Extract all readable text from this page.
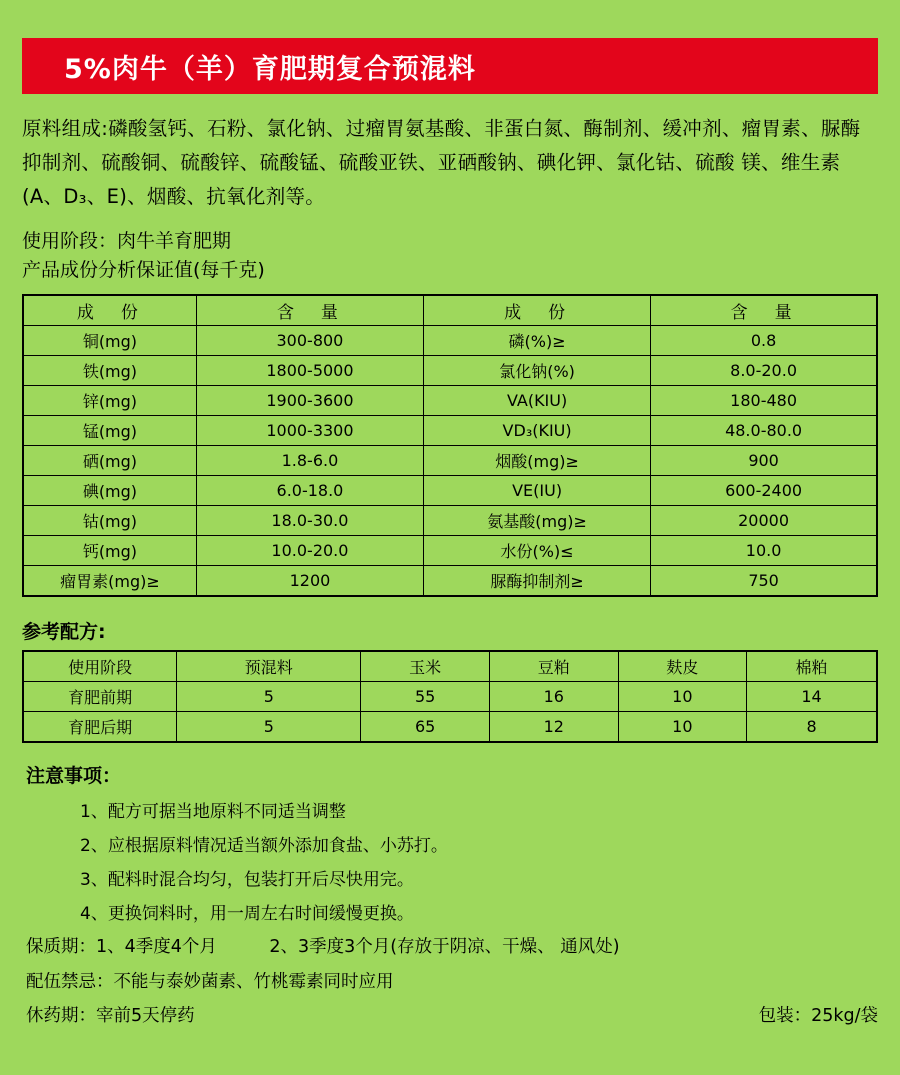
5%肉牛（羊）育肥期复合预混料
原料组成:磷酸氢钙、石粉、氯化钠、过瘤胃氨基酸、非蛋白氮、酶制剂、缓冲剂、瘤胃素、脲酶 抑制剂、硫酸铜、硫酸锌、硫酸锰、硫酸亚铁、亚硒酸钠、碘化钾、氯化钴、硫酸 镁、维生素(A、D₃、E)、烟酸、抗氧化剂等。
使用阶段：肉牛羊育肥期
产品成份分析保证值(每千克)
成　份	含　量	成　份	含　量
铜(mg)	300-800	磷(%)≥	0.8
铁(mg)	1800-5000	氯化钠(%)	8.0-20.0
锌(mg)	1900-3600	VA(KIU)	180-480
锰(mg)	1000-3300	VD₃(KIU)	48.0-80.0
硒(mg)	1.8-6.0	烟酸(mg)≥	900
碘(mg)	6.0-18.0	VE(IU)	600-2400
钴(mg)	18.0-30.0	氨基酸(mg)≥	20000
钙(mg)	10.0-20.0	水份(%)≤	10.0
瘤胃素(mg)≥	1200	脲酶抑制剂≥	750
参考配方:
使用阶段	预混料	玉米	豆粕	麸皮	棉粕
育肥前期	5	55	16	10	14
育肥后期	5	65	12	10	8
注意事项：
1、配方可据当地原料不同适当调整
2、应根据原料情况适当额外添加食盐、小苏打。
3、配料时混合均匀，包装打开后尽快用完。
4、更换饲料时，用一周左右时间缓慢更换。
保质期：1、4季度4个月　　　2、3季度3个月(存放于阴凉、干燥、 通风处)
配伍禁忌：不能与泰妙菌素、竹桃霉素同时应用
休药期：宰前5天停药	包装：25kg/袋
